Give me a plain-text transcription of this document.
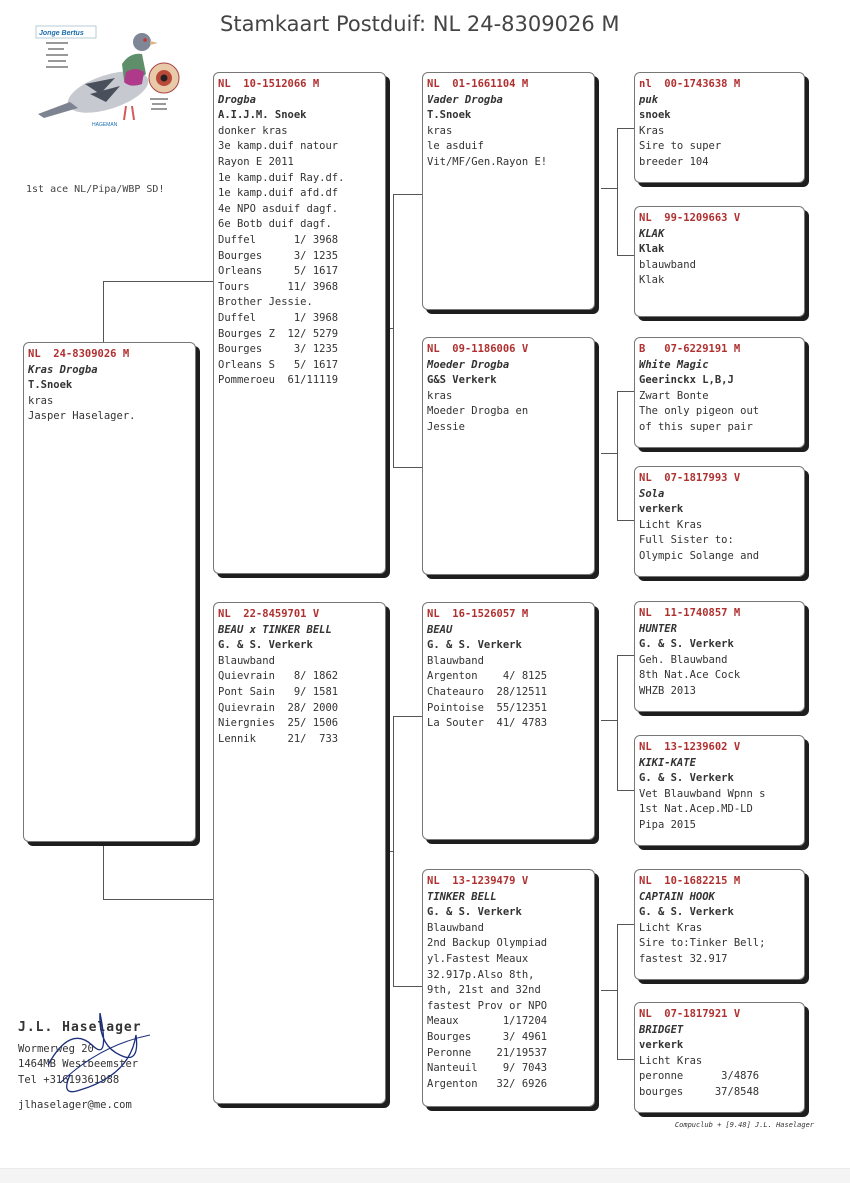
Stamkaart Postduif: NL 24-8309026 M
Jonge Bertus
HAGEMAN
1st ace NL/Pipa/WBP SD!
NL  24-8309026 M
Kras Drogba
T.Snoek
kras
Jasper Haselager.
NL  10-1512066 M
Drogba
A.I.J.M. Snoek
donker kras
3e kamp.duif natour
Rayon E 2011
1e kamp.duif Ray.df.
1e kamp.duif afd.df
4e NPO asduif dagf.
6e Botb duif dagf.
Duffel      1/ 3968
Bourges     3/ 1235
Orleans     5/ 1617
Tours      11/ 3968
Brother Jessie.
Duffel      1/ 3968
Bourges Z  12/ 5279
Bourges     3/ 1235
Orleans S   5/ 1617
Pommeroeu  61/11119
NL  22-8459701 V
BEAU x TINKER BELL
G. & S. Verkerk
Blauwband
Quievrain   8/ 1862
Pont Sain   9/ 1581
Quievrain  28/ 2000
Niergnies  25/ 1506
Lennik     21/  733
NL  01-1661104 M
Vader Drogba
T.Snoek
kras
le asduif
Vit/MF/Gen.Rayon E!
NL  09-1186006 V
Moeder Drogba
G&S Verkerk
kras
Moeder Drogba en
Jessie
NL  16-1526057 M
BEAU
G. & S. Verkerk
Blauwband
Argenton    4/ 8125
Chateauro  28/12511
Pointoise  55/12351
La Souter  41/ 4783
NL  13-1239479 V
TINKER BELL
G. & S. Verkerk
Blauwband
2nd Backup Olympiad
yl.Fastest Meaux
32.917p.Also 8th,
9th, 21st and 32nd
fastest Prov or NPO
Meaux       1/17204
Bourges     3/ 4961
Peronne    21/19537
Nanteuil    9/ 7043
Argenton   32/ 6926
nl  00-1743638 M
puk
snoek
Kras
Sire to super
breeder 104
NL  99-1209663 V
KLAK
Klak
blauwband
Klak
B   07-6229191 M
White Magic
Geerinckx L,B,J
Zwart Bonte
The only pigeon out
of this super pair
NL  07-1817993 V
Sola
verkerk
Licht Kras
Full Sister to:
Olympic Solange and
NL  11-1740857 M
HUNTER
G. & S. Verkerk
Geh. Blauwband
8th Nat.Ace Cock
WHZB 2013
NL  13-1239602 V
KIKI-KATE
G. & S. Verkerk
Vet Blauwband Wpnn s
1st Nat.Acep.MD-LD
Pipa 2015
NL  10-1682215 M
CAPTAIN HOOK
G. & S. Verkerk
Licht Kras
Sire to:Tinker Bell;
fastest 32.917
NL  07-1817921 V
BRIDGET
verkerk
Licht Kras
peronne      3/4876
bourges     37/8548
J.L. Haselager
Wormerweg 20
1464MB Westbeemster
Tel +31619361988
jlhaselager@me.com
Compuclub + [9.48] J.L. Haselager
